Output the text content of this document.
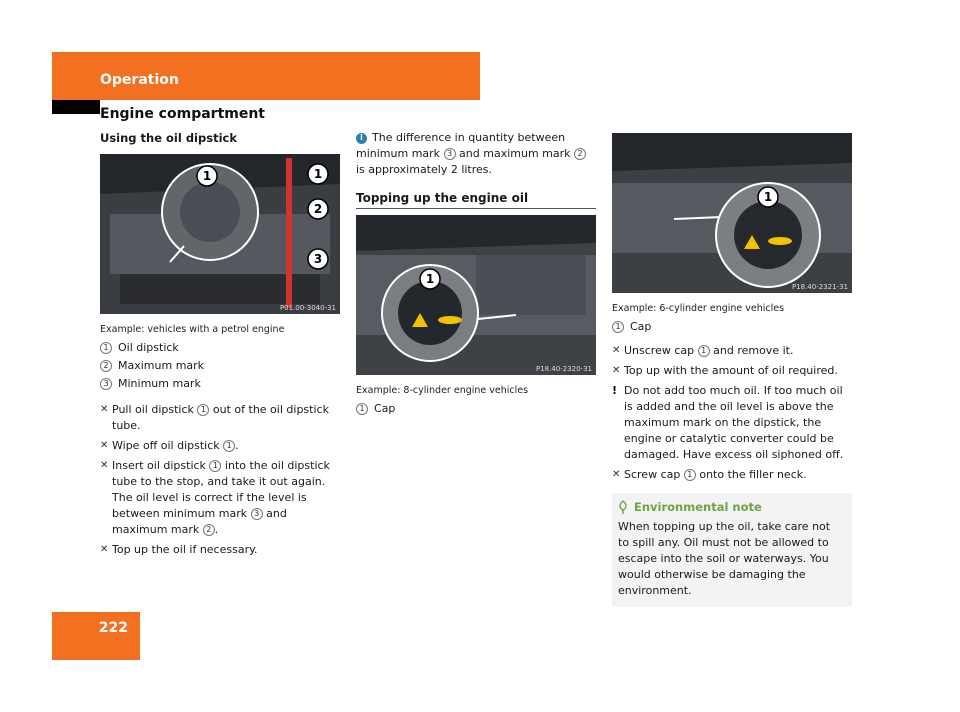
Operation
Engine compartment
Using the oil dipstick
1	1
2
3
P01.00-3040-31
Example: vehicles with a petrol engine
1 Oil dipstick
2 Maximum mark
3 Minimum mark
✕ Pull oil dipstick 1 out of the oil dipstick tube.
✕ Wipe off oil dipstick 1 .
✕ Insert oil dipstick 1 into the oil dipstick tube to the stop, and take it out again.
The oil level is correct if the level is between minimum mark 3 and maximum mark 2 .
✕ Top up the oil if necessary.
i The difference in quantity between minimum mark 3 and maximum mark 2 is approximately 2 litres.
Topping up the engine oil
1
P18.40-2320-31
Example: 8-cylinder engine vehicles
1 Cap
1
P18.40-2321-31
Example: 6-cylinder engine vehicles
1 Cap
✕ Unscrew cap 1 and remove it.
✕ Top up with the amount of oil required.
! Do not add too much oil. If too much oil is added and the oil level is above the maximum mark on the dipstick, the engine or catalytic converter could be damaged. Have excess oil siphoned off.
✕ Screw cap 1 onto the filler neck.
Environmental note
When topping up the oil, take care not to spill any. Oil must not be allowed to escape into the soil or waterways. You would otherwise be damaging the environment.
222
